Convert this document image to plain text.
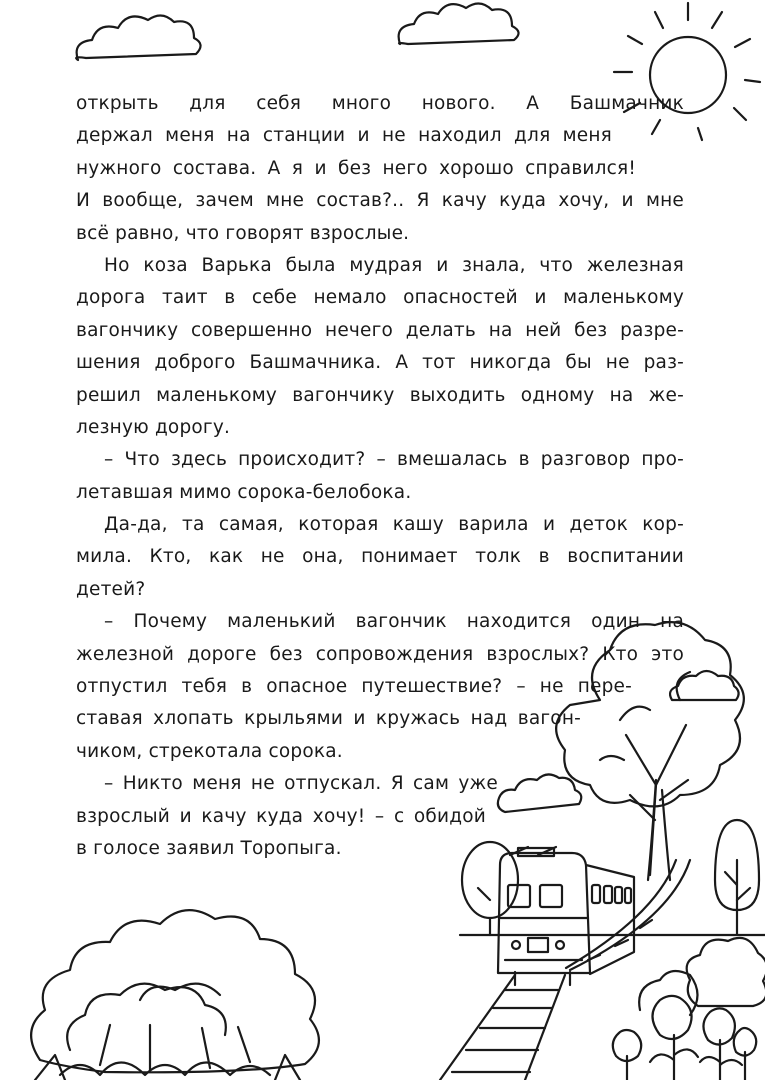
открыть для себя много нового. А Башмачник
держал меня на станции и не находил для меня
нужного состава. А я и без него хорошо справился!
И вообще, зачем мне состав?.. Я качу куда хочу, и мне
всё равно, что говорят взрослые.
Но коза Варька была мудрая и знала, что железная
дорога таит в себе немало опасностей и маленькому
вагончику совершенно нечего делать на ней без разре-
шения доброго Башмачника. А тот никогда бы не раз-
решил маленькому вагончику выходить одному на же-
лезную дорогу.
– Что здесь происходит? – вмешалась в разговор про-
летавшая мимо сорока-белобока.
Да-да, та самая, которая кашу варила и деток кор-
мила. Кто, как не она, понимает толк в воспитании
детей?
– Почему маленький вагончик находится один на
железной дороге без сопровождения взрослых? Кто это
отпустил тебя в опасное путешествие? – не пере-
ставая хлопать крыльями и кружась над вагон-
чиком, стрекотала сорока.
– Никто меня не отпускал. Я сам уже
взрослый и качу куда хочу! – с обидой
в голосе заявил Торопыга.
